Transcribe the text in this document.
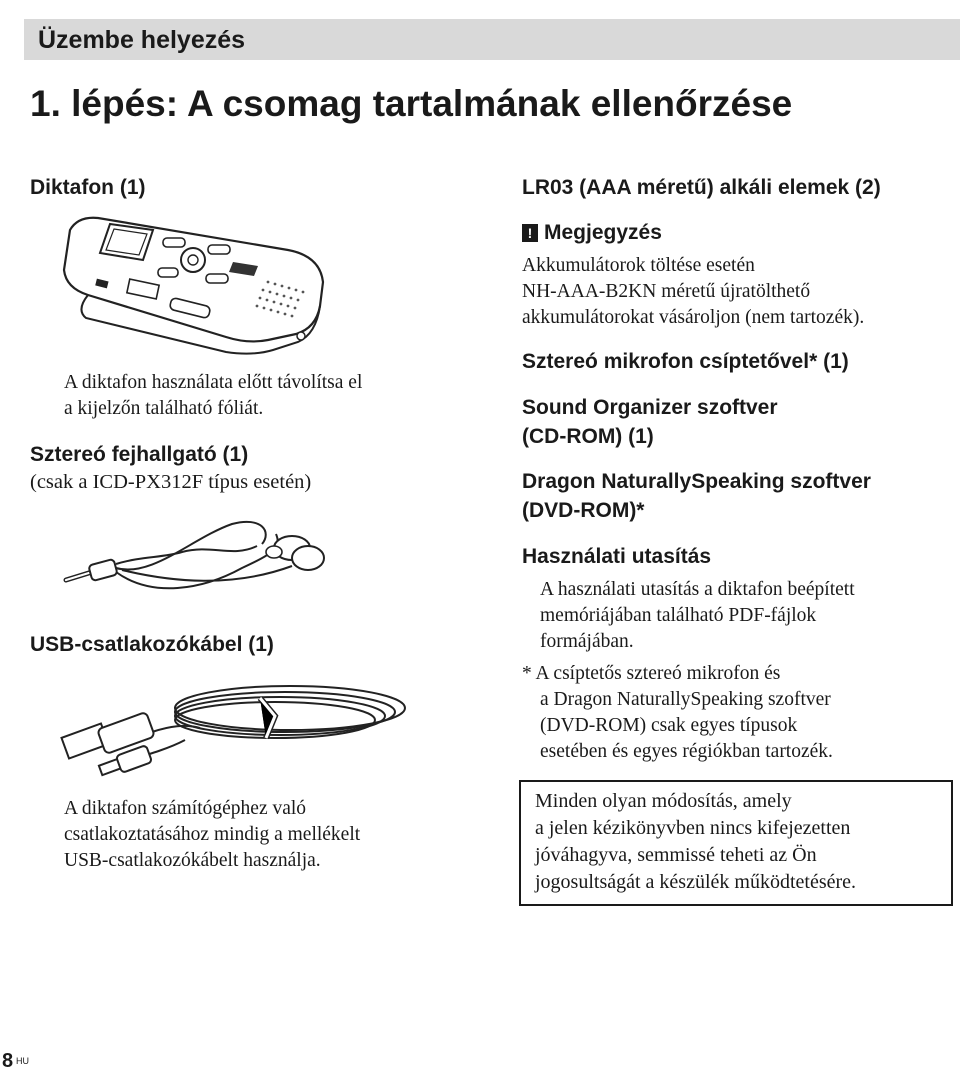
Üzembe helyezés
1. lépés: A csomag tartalmának ellenőrzése
Diktafon (1)

A diktafon használata előtt távolítsa el

a kijelzőn található fóliát.

Sztereó fejhallgató (1)

(csak a ICD-PX312F típus esetén)

USB-csatlakozókábel (1)

A diktafon számítógéphez való

csatlakoztatásához mindig a mellékelt

USB-csatlakozókábelt használja.

LR03 (AAA méretű) alkáli elemek (2)
! Megjegyzés

Akkumulátorok töltése esetén

NH-AAA-B2KN méretű újratölthető

akkumulátorokat vásároljon (nem tartozék).

Sztereó mikrofon csíptetővel* (1)
Sound Organizer szoftver
(CD-ROM) (1)
Dragon NaturallySpeaking szoftver
(DVD-ROM)*
Használati utasítás

A használati utasítás a diktafon beépített

memóriájában található PDF-fájlok

formájában.

* A csíptetős sztereó mikrofon és

a Dragon NaturallySpeaking szoftver

(DVD-ROM) csak egyes típusok

esetében és egyes régiókban tartozék.

Minden olyan módosítás, amely

a jelen kézikönyvben nincs kifejezetten

jóváhagyva, semmissé teheti az Ön

jogosultságát a készülék működtetésére.

8 HU
